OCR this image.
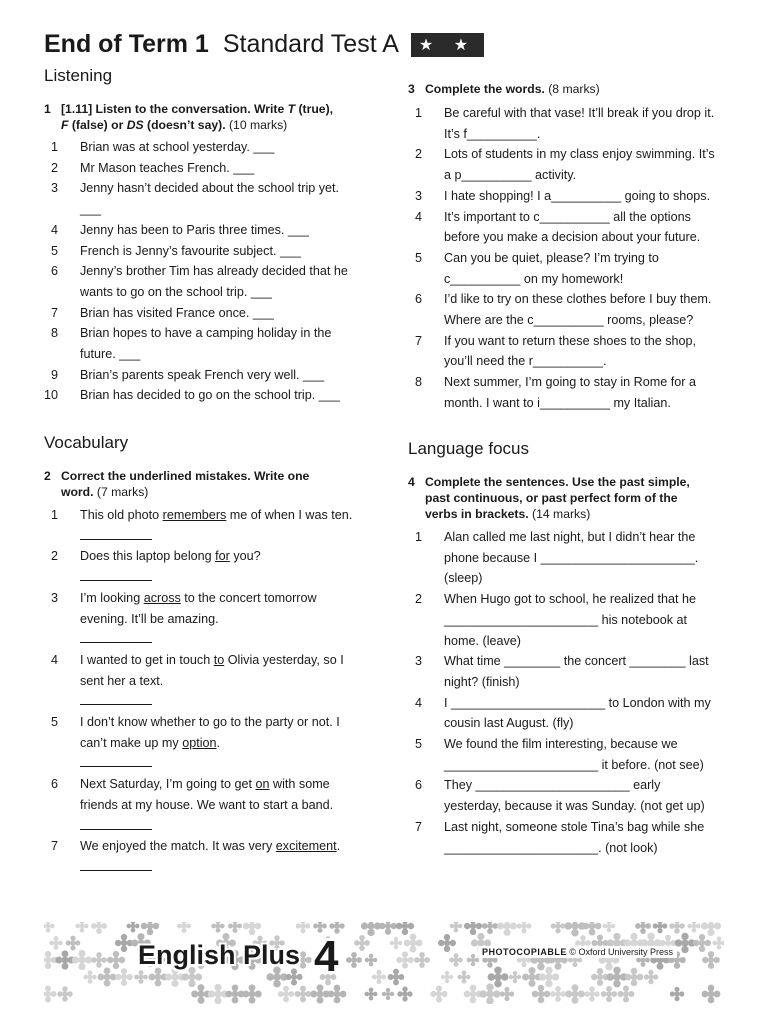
End of Term 1 Standard Test A	★ ★
Listening
1 [1.11] Listen to the conversation. Write T (true),
F (false) or DS (doesn’t say). (10 marks)
1	Brian was at school yesterday. ___
2	Mr Mason teaches French. ___
3	Jenny hasn’t decided about the school trip yet.
___
4	Jenny has been to Paris three times. ___
5	French is Jenny’s favourite subject. ___
6	Jenny’s brother Tim has already decided that he
wants to go on the school trip. ___
7	Brian has visited France once. ___
8	Brian hopes to have a camping holiday in the
future. ___
9	Brian’s parents speak French very well. ___
10	Brian has decided to go on the school trip. ___
Vocabulary
2 Correct the underlined mistakes. Write one
word. (7 marks)
1	This old photo remembers me of when I was ten.

2	Does this laptop belong for you?

3	I’m looking across to the concert tomorrow
evening. It’ll be amazing.

4	I wanted to get in touch to Olivia yesterday, so I
sent her a text.

5	I don’t know whether to go to the party or not. I
can’t make up my option.

6	Next Saturday, I’m going to get on with some
friends at my house. We want to start a band.

7	We enjoyed the match. It was very excitement.

3 Complete the words. (8 marks)
1	Be careful with that vase! It’ll break if you drop it.
It’s f__________.
2	Lots of students in my class enjoy swimming. It’s
a p__________ activity.
3	I hate shopping! I a__________ going to shops.
4	It’s important to c__________ all the options
before you make a decision about your future.
5	Can you be quiet, please? I’m trying to
c__________ on my homework!
6	I’d like to try on these clothes before I buy them.
Where are the c__________ rooms, please?
7	If you want to return these shoes to the shop,
you’ll need the r__________.
8	Next summer, I’m going to stay in Rome for a
month. I want to i__________ my Italian.
Language focus
4 Complete the sentences. Use the past simple,
past continuous, or past perfect form of the
verbs in brackets. (14 marks)
1	Alan called me last night, but I didn’t hear the
phone because I ______________________.
(sleep)
2	When Hugo got to school, he realized that he
______________________ his notebook at
home. (leave)
3	What time ________ the concert ________ last
night? (finish)
4	I ______________________ to London with my
cousin last August. (fly)
5	We found the film interesting, because we
______________________ it before. (not see)
6	They ______________________ early
yesterday, because it was Sunday. (not get up)
7	Last night, someone stole Tina’s bag while she
______________________. (not look)
English Plus 4	PHOTOCOPIABLE © Oxford University Press
